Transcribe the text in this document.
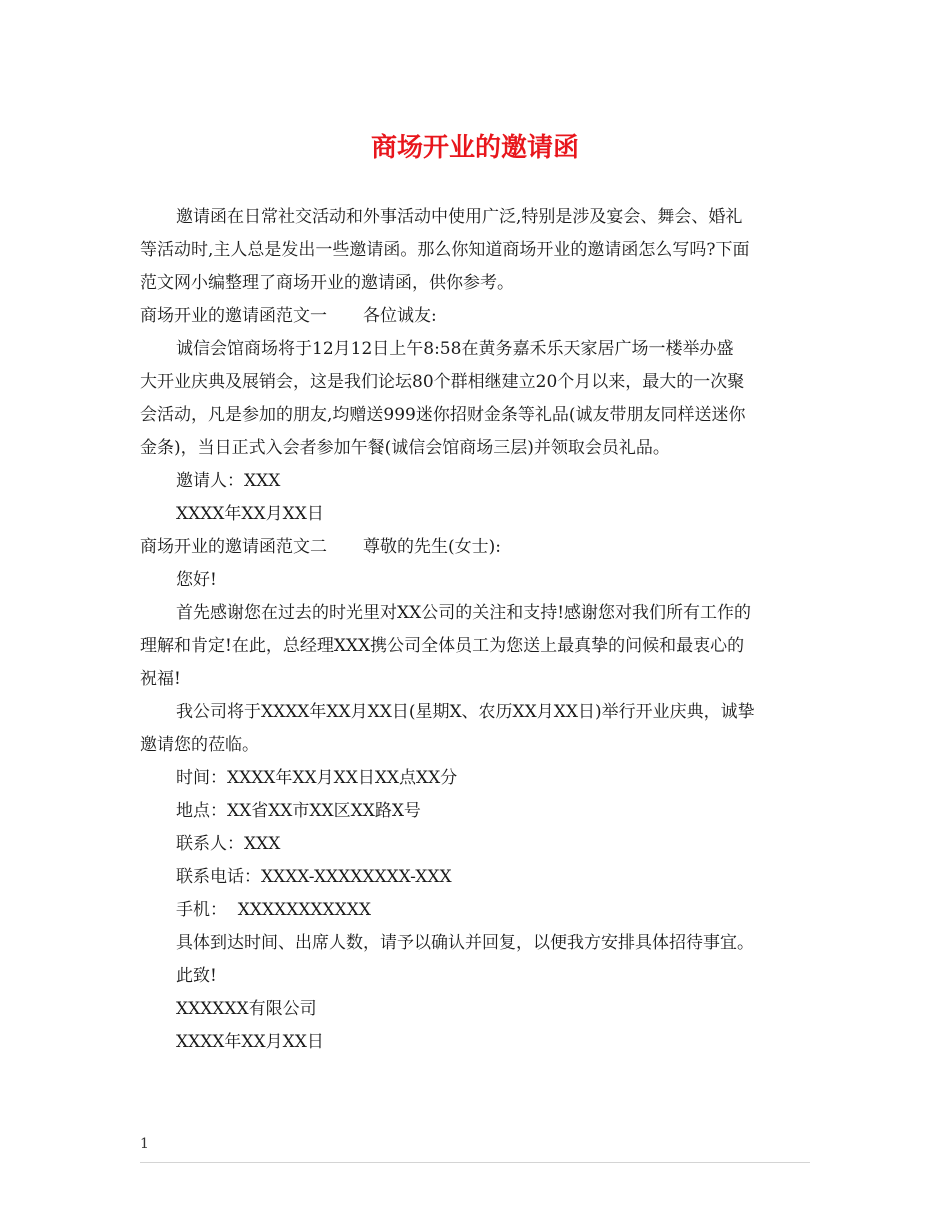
商场开业的邀请函

邀请函在日常社交活动和外事活动中使用广泛,特别是涉及宴会、舞会、婚礼

等活动时,主人总是发出一些邀请函。那么你知道商场开业的邀请函怎么写吗?下面

范文网小编整理了商场开业的邀请函，供你参考。

商场开业的邀请函范文一 各位诚友:

诚信会馆商场将于12月12日上午8:58在黄务嘉禾乐天家居广场一楼举办盛

大开业庆典及展销会，这是我们论坛80个群相继建立20个月以来，最大的一次聚

会活动，凡是参加的朋友,均赠送999迷你招财金条等礼品(诚友带朋友同样送迷你

金条)，当日正式入会者参加午餐(诚信会馆商场三层)并领取会员礼品。

邀请人：XXX

XXXX年XX月XX日

商场开业的邀请函范文二 尊敬的先生(女士):

您好!

首先感谢您在过去的时光里对XX公司的关注和支持!感谢您对我们所有工作的

理解和肯定!在此，总经理XXX携公司全体员工为您送上最真挚的问候和最衷心的

祝福!

我公司将于XXXX年XX月XX日(星期X、农历XX月XX日)举行开业庆典，诚挚

邀请您的莅临。

时间：XXXX年XX月XX日XX点XX分

地点：XX省XX市XX区XX路X号

联系人：XXX

联系电话：XXXX-XXXXXXXX-XXX

手机：  XXXXXXXXXXX

具体到达时间、出席人数，请予以确认并回复，以便我方安排具体招待事宜。

此致!

XXXXXX有限公司

XXXX年XX月XX日

1
